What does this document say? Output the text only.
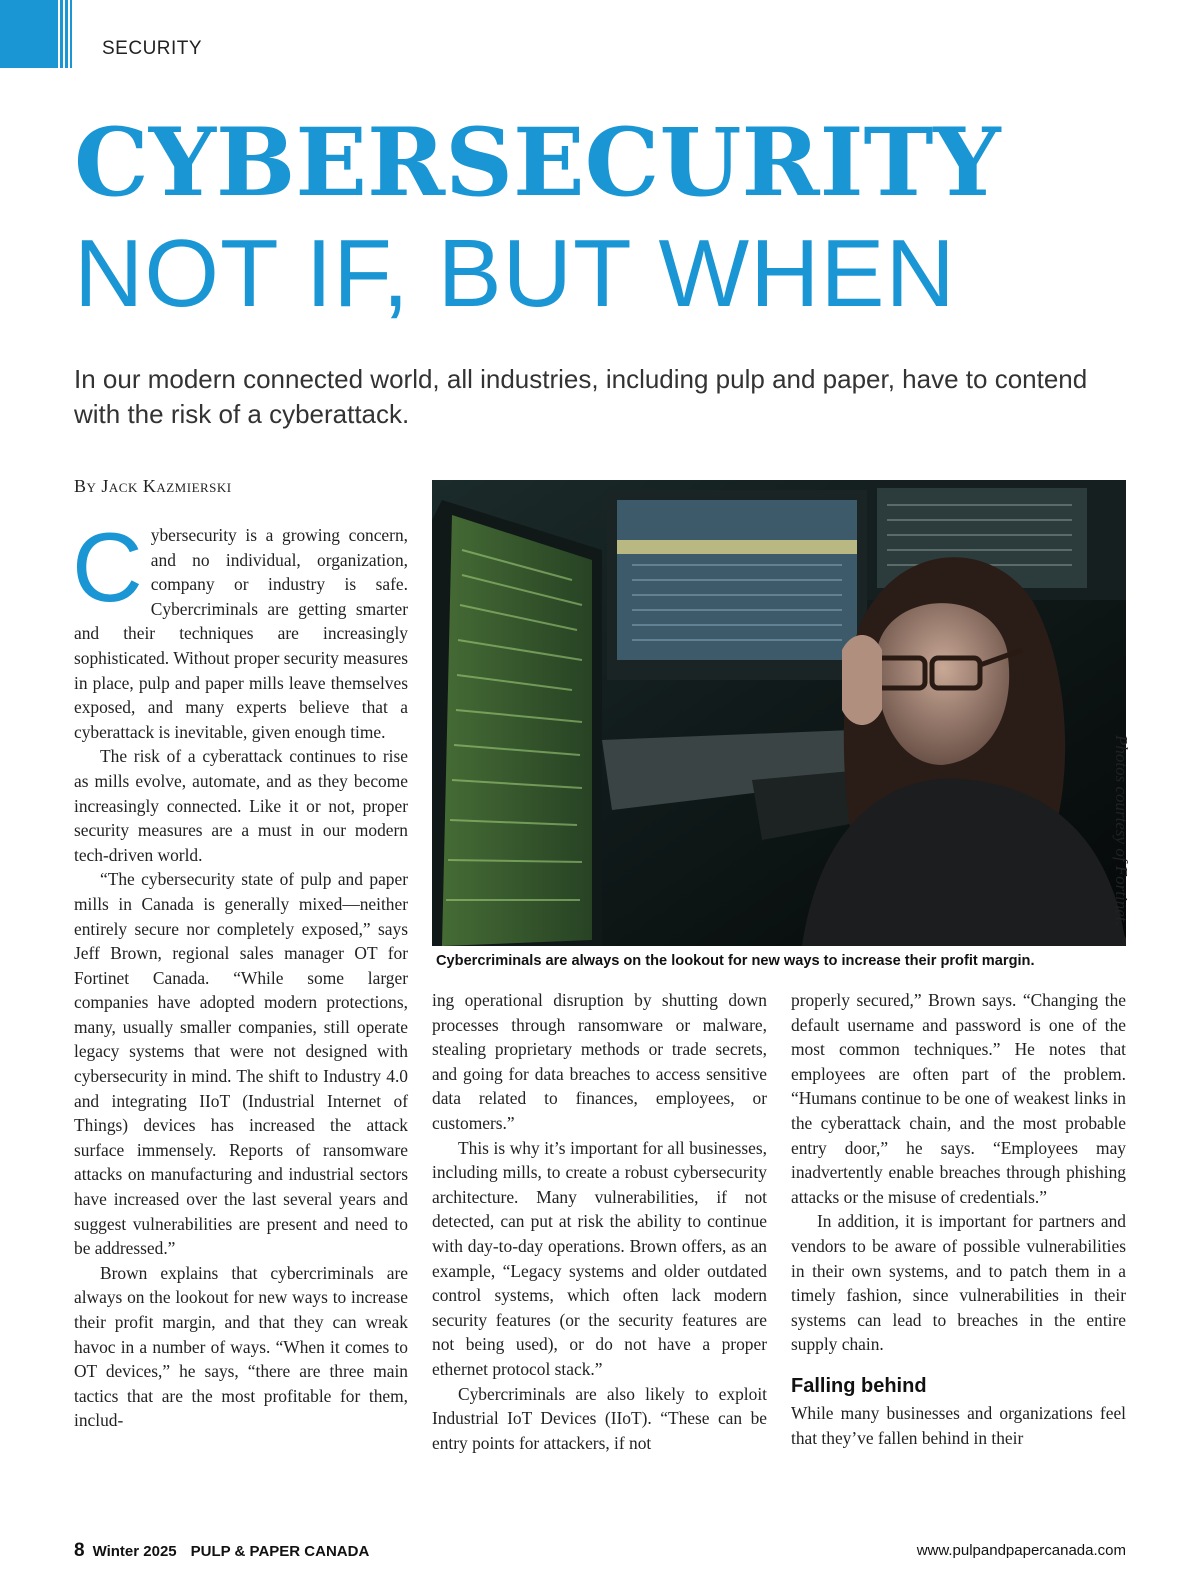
SECURITY
CYBERSECURITY
NOT IF, BUT WHEN
In our modern connected world, all industries, including pulp and paper, have to contend with the risk of a cyberattack.
By Jack Kazmierski

Cybersecurity is a growing concern, and no individual, organization, company or industry is safe. Cybercriminals are getting smarter and their techniques are increasingly sophisticated. Without proper security measures in place, pulp and paper mills leave themselves exposed, and many experts believe that a cyberattack is inevitable, given enough time.

The risk of a cyberattack continues to rise as mills evolve, automate, and as they become increasingly connected. Like it or not, proper security measures are a must in our modern tech-driven world.

“The cybersecurity state of pulp and paper mills in Canada is generally mixed—neither entirely secure nor completely exposed,” says Jeff Brown, regional sales manager OT for Fortinet Canada. “While some larger companies have adopted modern protections, many, usually smaller companies, still operate legacy systems that were not designed with cybersecurity in mind. The shift to Industry 4.0 and integrating IIoT (Industrial Internet of Things) devices has increased the attack surface immensely. Reports of ransomware attacks on manufacturing and industrial sectors have increased over the last several years and suggest vulnerabilities are present and need to be addressed.”

Brown explains that cybercriminals are always on the lookout for new ways to increase their profit margin, and that they can wreak havoc in a number of ways. “When it comes to OT devices,” he says, “there are three main tactics that are the most profitable for them, includ-

Cybercriminals are always on the lookout for new ways to increase their profit margin.
Photos courtesy of Fortinet.

ing operational disruption by shutting down processes through ransomware or malware, stealing proprietary methods or trade secrets, and going for data breaches to access sensitive data related to finances, employees, or customers.”

This is why it’s important for all businesses, including mills, to create a robust cybersecurity architecture. Many vulnerabilities, if not detected, can put at risk the ability to continue with day-to-day operations. Brown offers, as an example, “Legacy systems and older outdated control systems, which often lack modern security features (or the security features are not being used), or do not have a proper ethernet protocol stack.”

Cybercriminals are also likely to exploit Industrial IoT Devices (IIoT). “These can be entry points for attackers, if not

properly secured,” Brown says. “Changing the default username and password is one of the most common techniques.” He notes that employees are often part of the problem. “Humans continue to be one of weakest links in the cyberattack chain, and the most probable entry door,” he says. “Employees may inadvertently enable breaches through phishing attacks or the misuse of credentials.”

In addition, it is important for partners and vendors to be aware of possible vulnerabilities in their own systems, and to patch them in a timely fashion, since vulnerabilities in their systems can lead to breaches in the entire supply chain.

Falling behind

While many businesses and organizations feel that they’ve fallen behind in their

8 Winter 2025 PULP & PAPER CANADA	www.pulpandpapercanada.com
